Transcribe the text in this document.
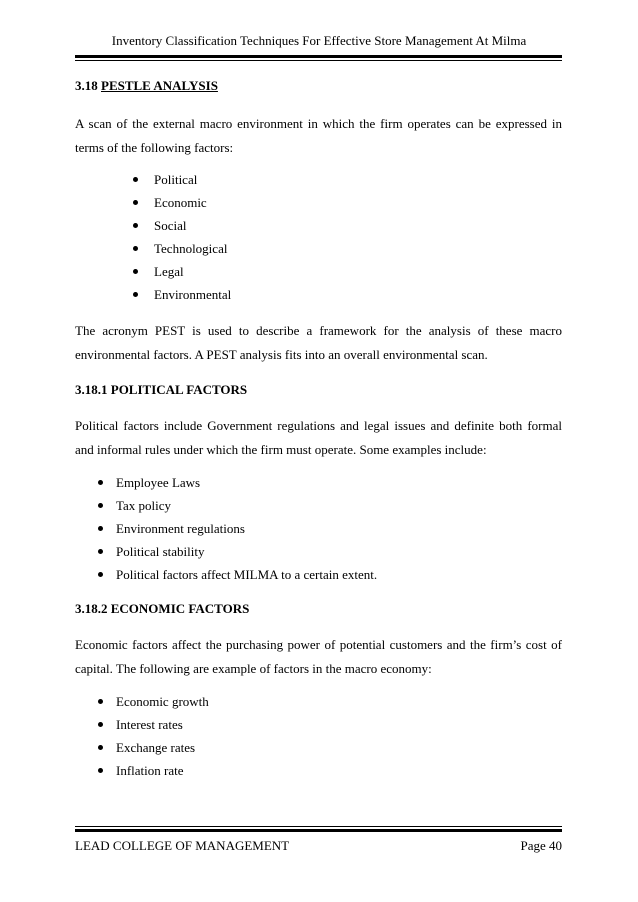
Inventory Classification Techniques For Effective Store Management At Milma

3.18 PESTLE ANALYSIS

A scan of the external macro environment in which the firm operates can be expressed in terms of the following factors:

Political
Economic
Social
Technological
Legal
Environmental

The acronym PEST is used to describe a framework for the analysis of these macro environmental factors. A PEST analysis fits into an overall environmental scan.

3.18.1 POLITICAL FACTORS

Political factors include Government regulations and legal issues and definite both formal and informal rules under which the firm must operate. Some examples include:

Employee Laws
Tax policy
Environment regulations
Political stability
Political factors affect MILMA to a certain extent.

3.18.2 ECONOMIC FACTORS

Economic factors affect the purchasing power of potential customers and the firm’s cost of capital. The following are example of factors in the macro economy:

Economic growth
Interest rates
Exchange rates
Inflation rate
LEAD COLLEGE OF MANAGEMENT	Page 40
